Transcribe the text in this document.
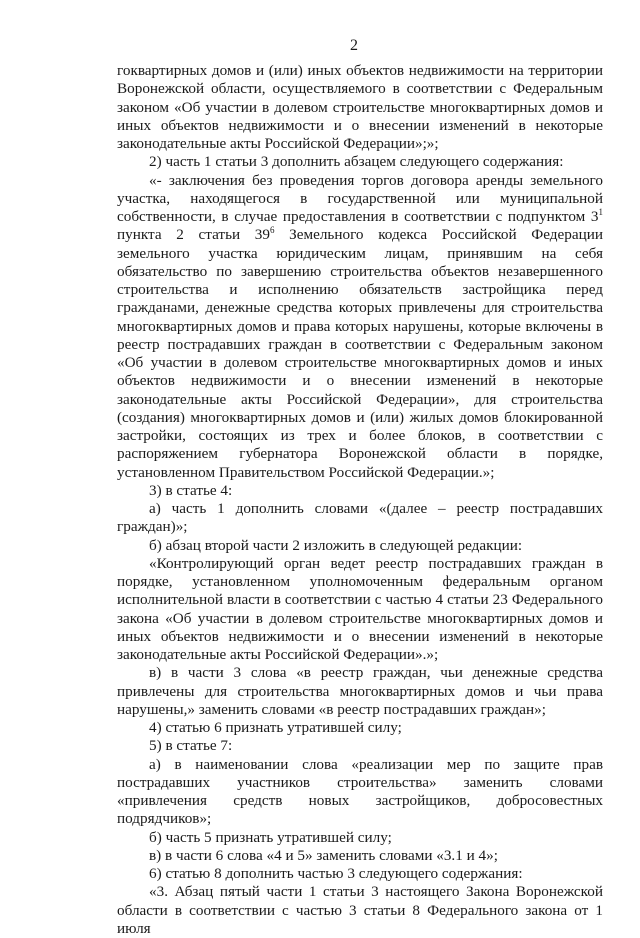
2

гоквартирных домов и (или) иных объектов недвижимости на территории Воронежской области, осуществляемого в соответствии с Федеральным законом «Об участии в долевом строительстве многоквартирных домов и иных объектов недвижимости и о внесении изменений в некоторые законодательные акты Российской Федерации»;»;

2) часть 1 статьи 3 дополнить абзацем следующего содержания:

«- заключения без проведения торгов договора аренды земельного участка, находящегося в государственной или муниципальной собственности, в случае предоставления в соответствии с подпунктом $3^1$ пункта 2 статьи $39^6$ Земельного кодекса Российской Федерации земельного участка юридическим лицам, принявшим на себя обязательство по завершению строительства объектов незавершенного строительства и исполнению обязательств застройщика перед гражданами, денежные средства которых привлечены для строительства многоквартирных домов и права которых нарушены, которые включены в реестр пострадавших граждан в соответствии с Федеральным законом «Об участии в долевом строительстве многоквартирных домов и иных объектов недвижимости и о внесении изменений в некоторые законодательные акты Российской Федерации», для строительства (создания) многоквартирных домов и (или) жилых домов блокированной застройки, состоящих из трех и более блоков, в соответствии с распоряжением губернатора Воронежской области в порядке, установленном Правительством Российской Федерации.»;

3) в статье 4:

а) часть 1 дополнить словами «(далее – реестр пострадавших граждан)»;

б) абзац второй части 2 изложить в следующей редакции:

«Контролирующий орган ведет реестр пострадавших граждан в порядке, установленном уполномоченным федеральным органом исполнительной власти в соответствии с частью 4 статьи 23 Федерального закона «Об участии в долевом строительстве многоквартирных домов и иных объектов недвижимости и о внесении изменений в некоторые законодательные акты Российской Федерации».»;

в) в части 3 слова «в реестр граждан, чьи денежные средства привлечены для строительства многоквартирных домов и чьи права нарушены,» заменить словами «в реестр пострадавших граждан»;

4) статью 6 признать утратившей силу;

5) в статье 7:

а) в наименовании слова «реализации мер по защите прав пострадавших участников строительства» заменить словами «привлечения средств новых застройщиков, добросовестных подрядчиков»;

б) часть 5 признать утратившей силу;

в) в части 6 слова «4 и 5» заменить словами «3.1 и 4»;

6) статью 8 дополнить частью 3 следующего содержания:

«3. Абзац пятый части 1 статьи 3 настоящего Закона Воронежской области в соответствии с частью 3 статьи 8 Федерального закона от 1 июля
